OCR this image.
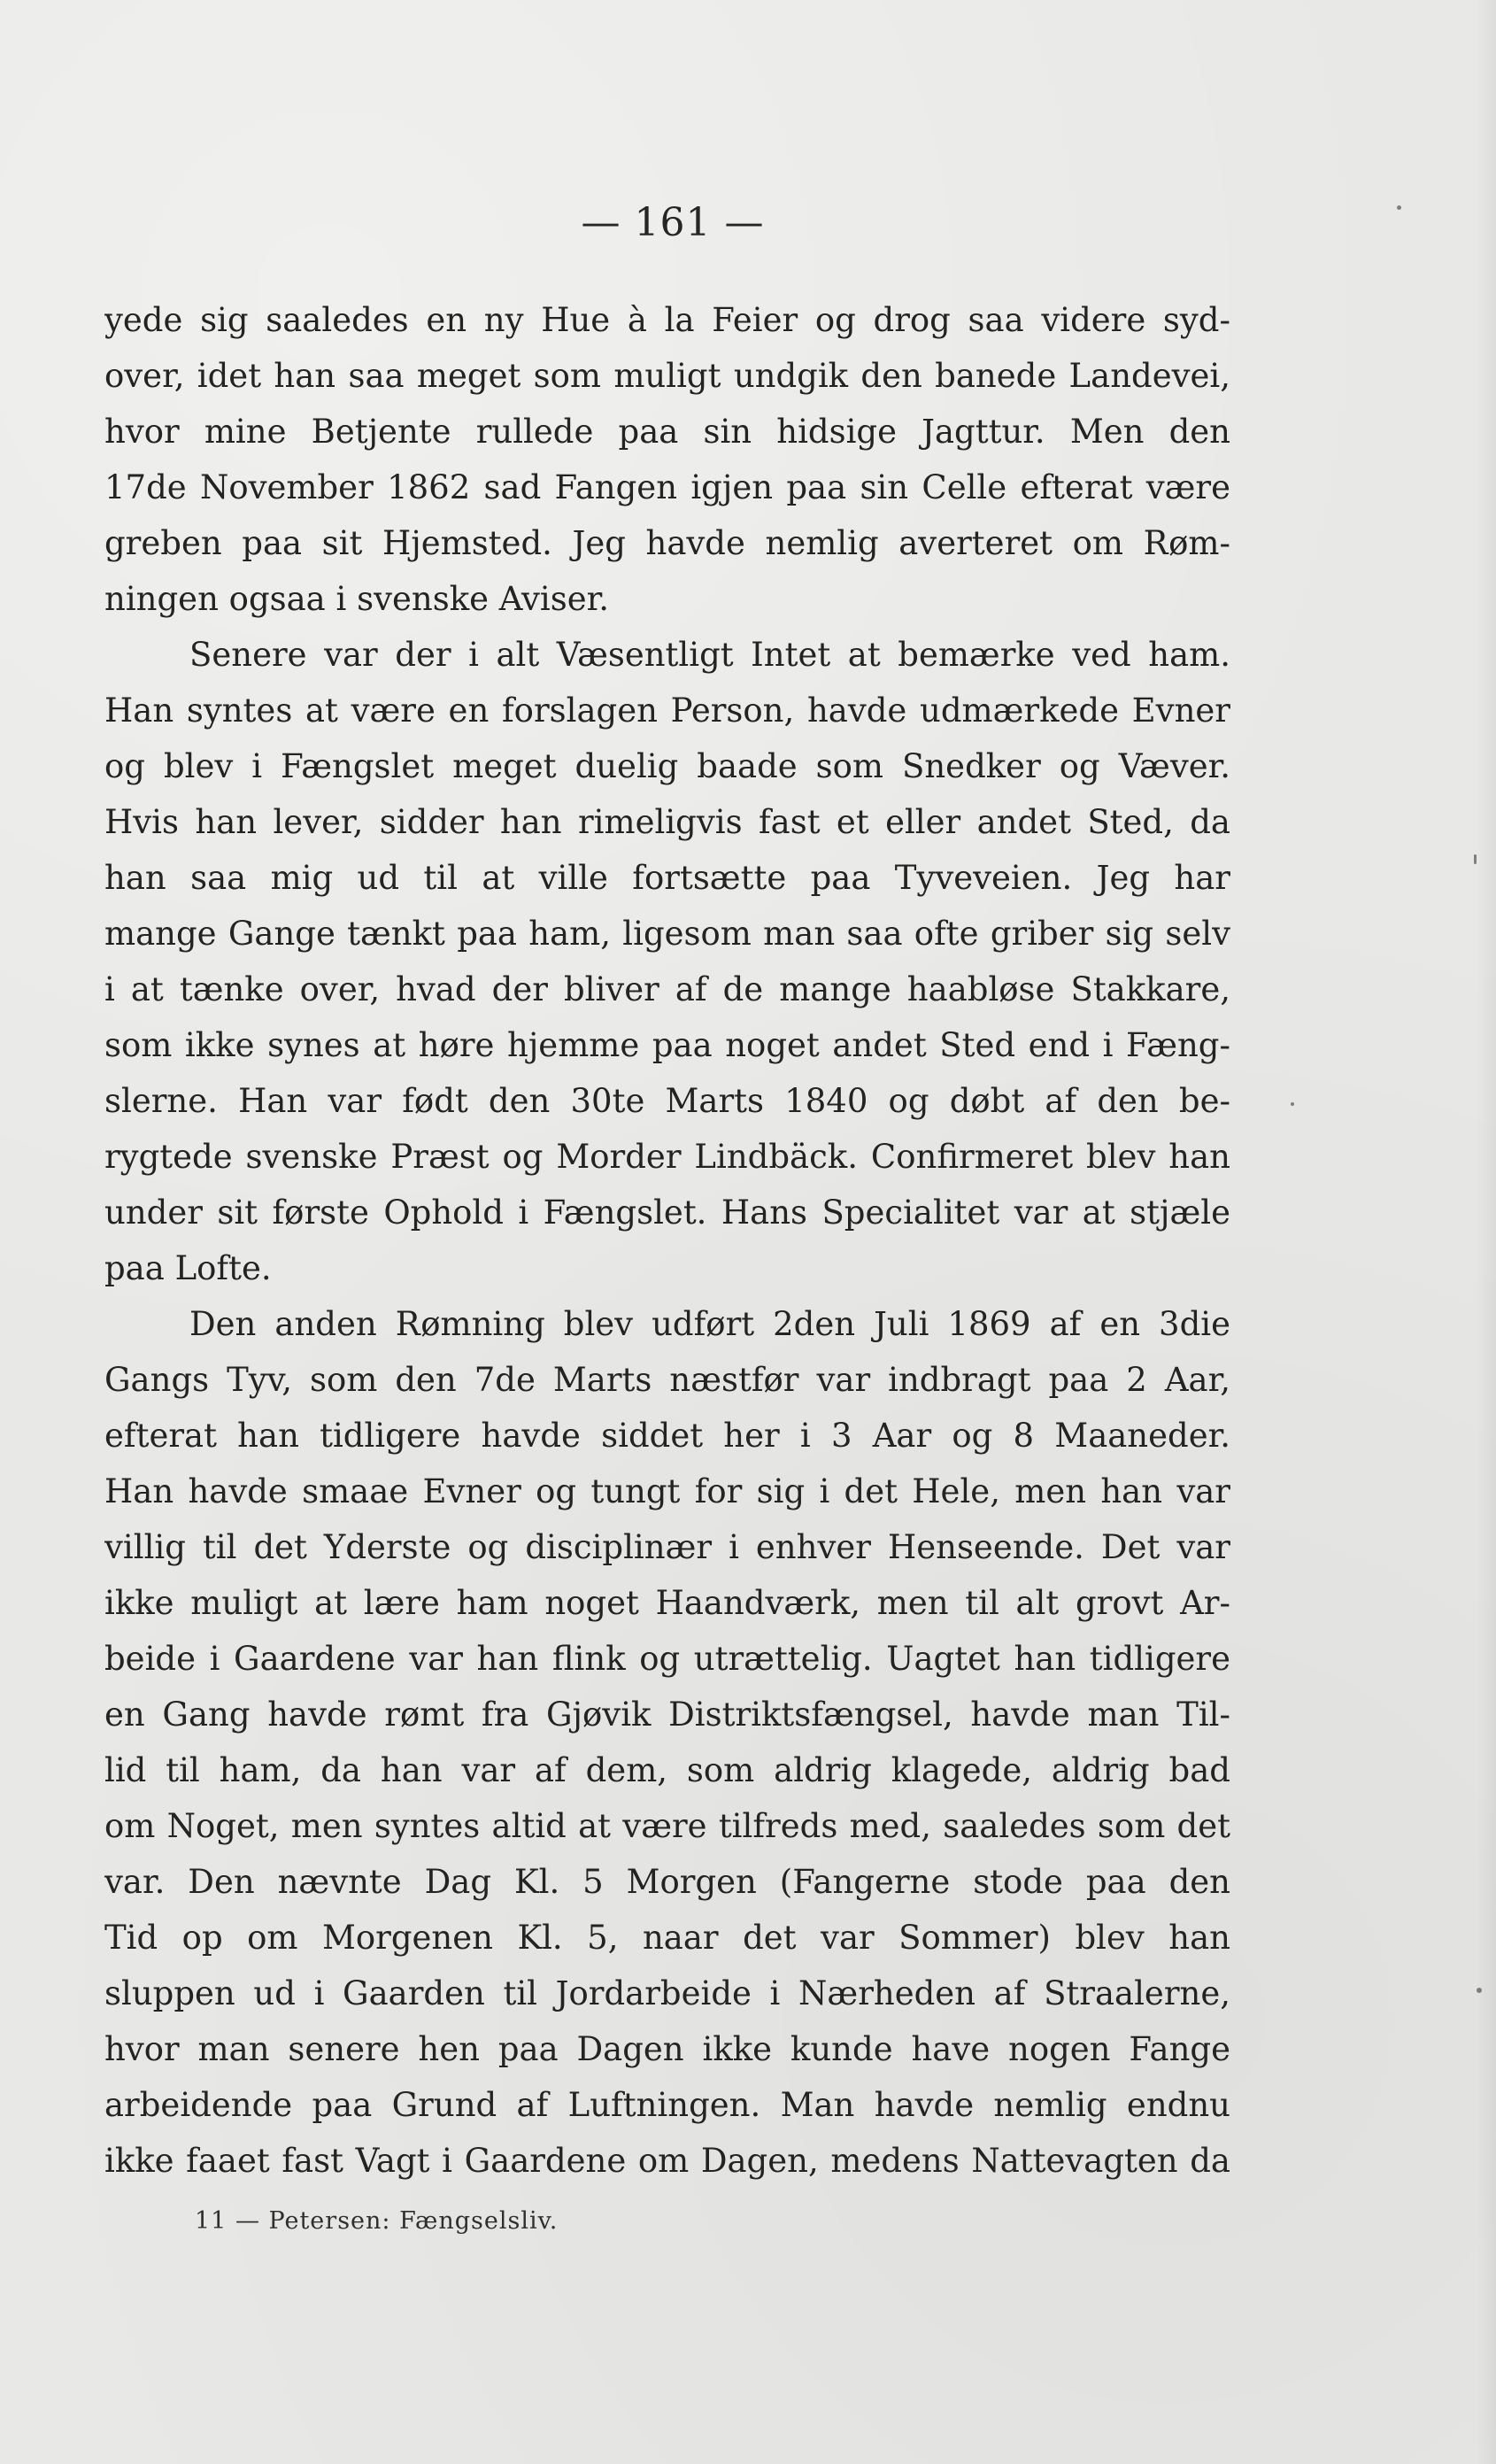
— 161 —
yede sig saaledes en ny Hue à la Feier og drog saa videre syd-
over, idet han saa meget som muligt undgik den banede Landevei,
hvor mine Betjente rullede paa sin hidsige Jagttur. Men den
17de November 1862 sad Fangen igjen paa sin Celle efterat være
greben paa sit Hjemsted. Jeg havde nemlig averteret om Røm-
ningen ogsaa i svenske Aviser.
Senere var der i alt Væsentligt Intet at bemærke ved ham.
Han syntes at være en forslagen Person, havde udmærkede Evner
og blev i Fængslet meget duelig baade som Snedker og Væver.
Hvis han lever, sidder han rimeligvis fast et eller andet Sted, da
han saa mig ud til at ville fortsætte paa Tyveveien. Jeg har
mange Gange tænkt paa ham, ligesom man saa ofte griber sig selv
i at tænke over, hvad der bliver af de mange haabløse Stakkare,
som ikke synes at høre hjemme paa noget andet Sted end i Fæng-
slerne. Han var født den 30te Marts 1840 og døbt af den be-
rygtede svenske Præst og Morder Lindbäck. Confirmeret blev han
under sit første Ophold i Fængslet. Hans Specialitet var at stjæle
paa Lofte.
Den anden Rømning blev udført 2den Juli 1869 af en 3die
Gangs Tyv, som den 7de Marts næstfør var indbragt paa 2 Aar,
efterat han tidligere havde siddet her i 3 Aar og 8 Maaneder.
Han havde smaae Evner og tungt for sig i det Hele, men han var
villig til det Yderste og disciplinær i enhver Henseende. Det var
ikke muligt at lære ham noget Haandværk, men til alt grovt Ar-
beide i Gaardene var han flink og utrættelig. Uagtet han tidligere
en Gang havde rømt fra Gjøvik Distriktsfængsel, havde man Til-
lid til ham, da han var af dem, som aldrig klagede, aldrig bad
om Noget, men syntes altid at være tilfreds med, saaledes som det
var. Den nævnte Dag Kl. 5 Morgen (Fangerne stode paa den
Tid op om Morgenen Kl. 5, naar det var Sommer) blev han
sluppen ud i Gaarden til Jordarbeide i Nærheden af Straalerne,
hvor man senere hen paa Dagen ikke kunde have nogen Fange
arbeidende paa Grund af Luftningen. Man havde nemlig endnu
ikke faaet fast Vagt i Gaardene om Dagen, medens Nattevagten da
11 — Petersen: Fængselsliv.
